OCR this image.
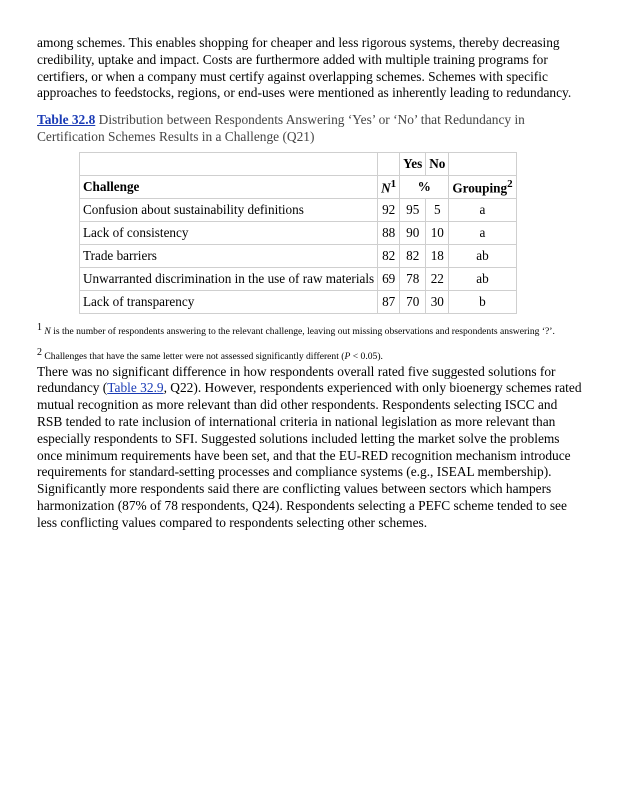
among schemes. This enables shopping for cheaper and less rigorous systems, thereby decreasing credibility, uptake and impact. Costs are furthermore added with multiple training programs for certifiers, or when a company must certify against overlapping schemes. Schemes with specific approaches to feedstocks, regions, or end-uses were mentioned as inherently leading to redundancy.

Table 32.8 Distribution between Respondents Answering ‘Yes’ or ‘No’ that Redundancy in Certification Schemes Results in a Challenge (Q21)

		Yes	No	
Challenge	$N^1$	%		Grouping$^2$
Confusion about sustainability definitions	92	95	5	a
Lack of consistency	88	90	10	a
Trade barriers	82	82	18	ab
Unwarranted discrimination in the use of raw materials	69	78	22	ab
Lack of transparency	87	70	30	b

$^1$ N is the number of respondents answering to the relevant challenge, leaving out missing observations and respondents answering ‘?’.

$^2$ Challenges that have the same letter were not assessed significantly different (P < 0.05).

There was no significant difference in how respondents overall rated five suggested solutions for redundancy (Table 32.9, Q22). However, respondents experienced with only bioenergy schemes rated mutual recognition as more relevant than did other respondents. Respondents selecting ISCC and RSB tended to rate inclusion of international criteria in national legislation as more relevant than especially respondents to SFI. Suggested solutions included letting the market solve the problems once minimum requirements have been set, and that the EU-RED recognition mechanism introduce requirements for standard-setting processes and compliance systems (e.g., ISEAL membership). Significantly more respondents said there are conflicting values between sectors which hampers harmonization (87% of 78 respondents, Q24). Respondents selecting a PEFC scheme tended to see less conflicting values compared to respondents selecting other schemes.
